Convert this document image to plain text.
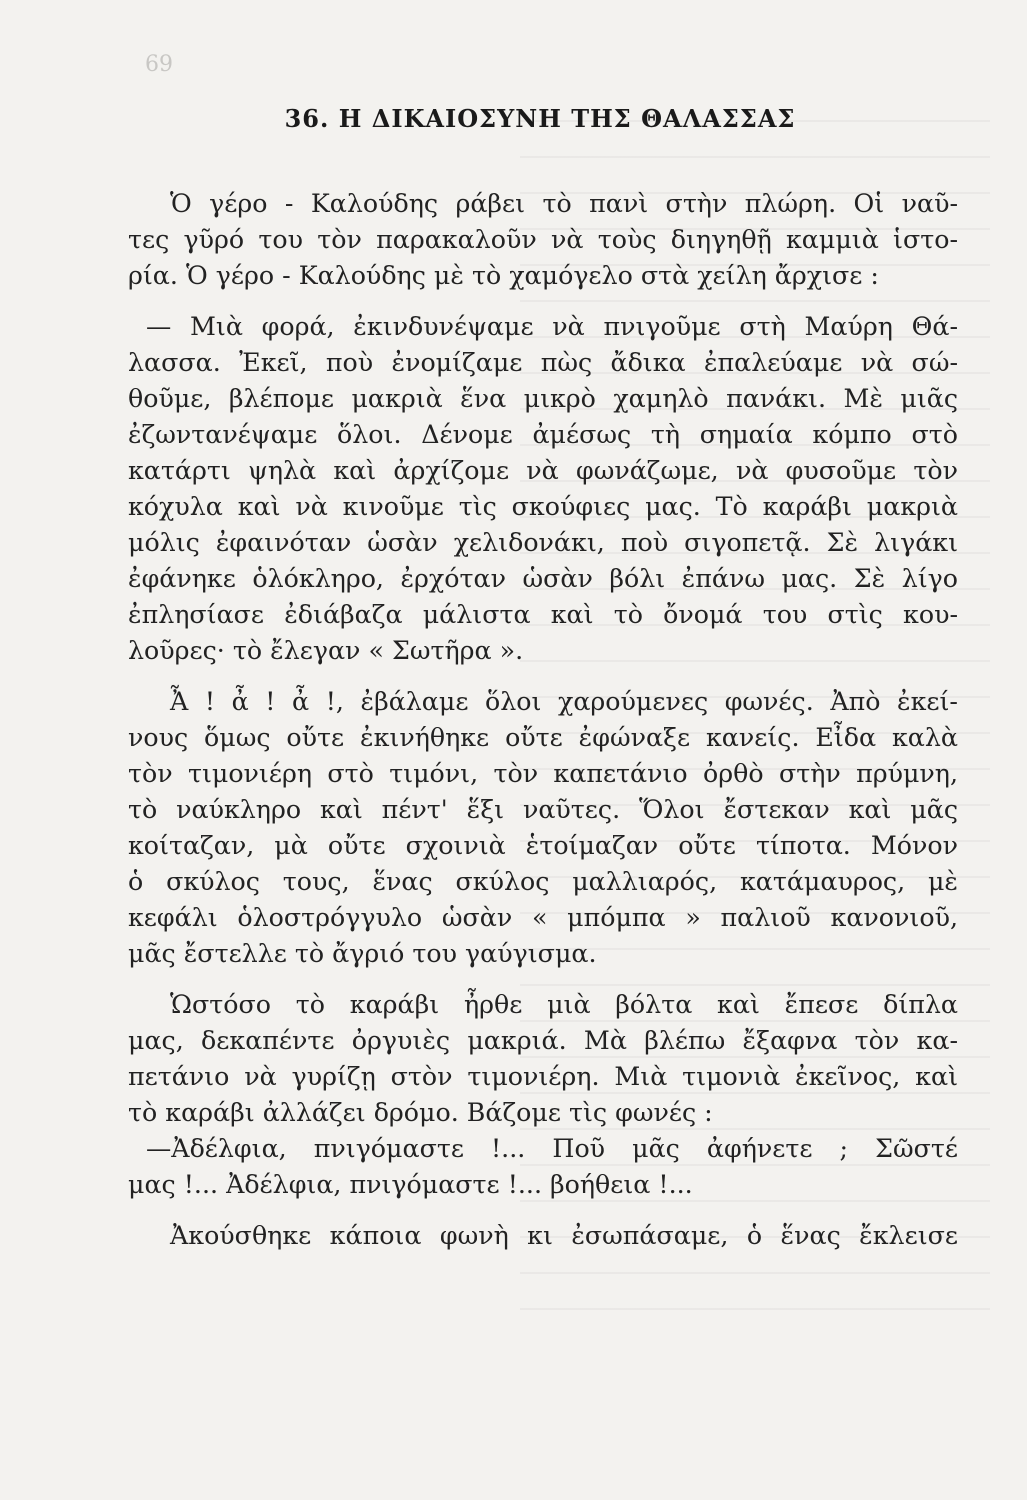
69
36. Η ΔΙΚΑΙΟΣΥΝΗ ΤΗΣ ΘΑΛΑΣΣΑΣ
Ὁ γέρο - Καλούδης ράβει τὸ πανὶ στὴν πλώρη. Οἱ ναῦ-
τες γῦρό του τὸν παρακαλοῦν νὰ τοὺς διηγηθῇ καμμιὰ ἱστο-
ρία. Ὁ γέρο - Καλούδης μὲ τὸ χαμόγελο στὰ χείλη ἄρχισε :
— Μιὰ φορά, ἐκινδυνέψαμε νὰ πνιγοῦμε στὴ Μαύρη Θά-
λασσα. Ἐκεῖ, ποὺ ἐνομίζαμε πὼς ἄδικα ἐπαλεύαμε νὰ σώ-
θοῦμε, βλέπομε μακριὰ ἕνα μικρὸ χαμηλὸ πανάκι. Μὲ μιᾶς
ἐζωντανέψαμε ὅλοι. Δένομε ἀμέσως τὴ σημαία κόμπο στὸ
κατάρτι ψηλὰ καὶ ἀρχίζομε νὰ φωνάζωμε, νὰ φυσοῦμε τὸν
κόχυλα καὶ νὰ κινοῦμε τὶς σκούφιες μας. Τὸ καράβι μακριὰ
μόλις ἐφαινόταν ὡσὰν χελιδονάκι, ποὺ σιγοπετᾷ. Σὲ λιγάκι
ἐφάνηκε ὁλόκληρο, ἐρχόταν ὡσὰν βόλι ἐπάνω μας. Σὲ λίγο
ἐπλησίασε ἐδιάβαζα μάλιστα καὶ τὸ ὄνομά του στὶς κου-
λοῦρες· τὸ ἔλεγαν « Σωτῆρα ».
Ἆ ! ἆ ! ἆ !, ἐβάλαμε ὅλοι χαρούμενες φωνές. Ἀπὸ ἐκεί-
νους ὅμως οὔτε ἐκινήθηκε οὔτε ἐφώναξε κανείς. Εἶδα καλὰ
τὸν τιμονιέρη στὸ τιμόνι, τὸν καπετάνιο ὀρθὸ στὴν πρύμνη,
τὸ ναύκληρο καὶ πέντ' ἕξι ναῦτες. Ὅλοι ἔστεκαν καὶ μᾶς
κοίταζαν, μὰ οὔτε σχοινιὰ ἑτοίμαζαν οὔτε τίποτα. Μόνον
ὁ σκύλος τους, ἕνας σκύλος μαλλιαρός, κατάμαυρος, μὲ
κεφάλι ὁλοστρόγγυλο ὡσὰν « μπόμπα » παλιοῦ κανονιοῦ,
μᾶς ἔστελλε τὸ ἄγριό του γαύγισμα.
Ὡστόσο τὸ καράβι ἦρθε μιὰ βόλτα καὶ ἔπεσε δίπλα
μας, δεκαπέντε ὀργυιὲς μακριά. Μὰ βλέπω ἔξαφνα τὸν κα-
πετάνιο νὰ γυρίζῃ στὸν τιμονιέρη. Μιὰ τιμονιὰ ἐκεῖνος, καὶ
τὸ καράβι ἀλλάζει δρόμο. Βάζομε τὶς φωνές :
—Ἀδέλφια, πνιγόμαστε !... Ποῦ μᾶς ἀφήνετε ; Σῶστέ
μας !... Ἀδέλφια, πνιγόμαστε !... βοήθεια !...
Ἀκούσθηκε κάποια φωνὴ κι ἐσωπάσαμε, ὁ ἕνας ἔκλεισε
